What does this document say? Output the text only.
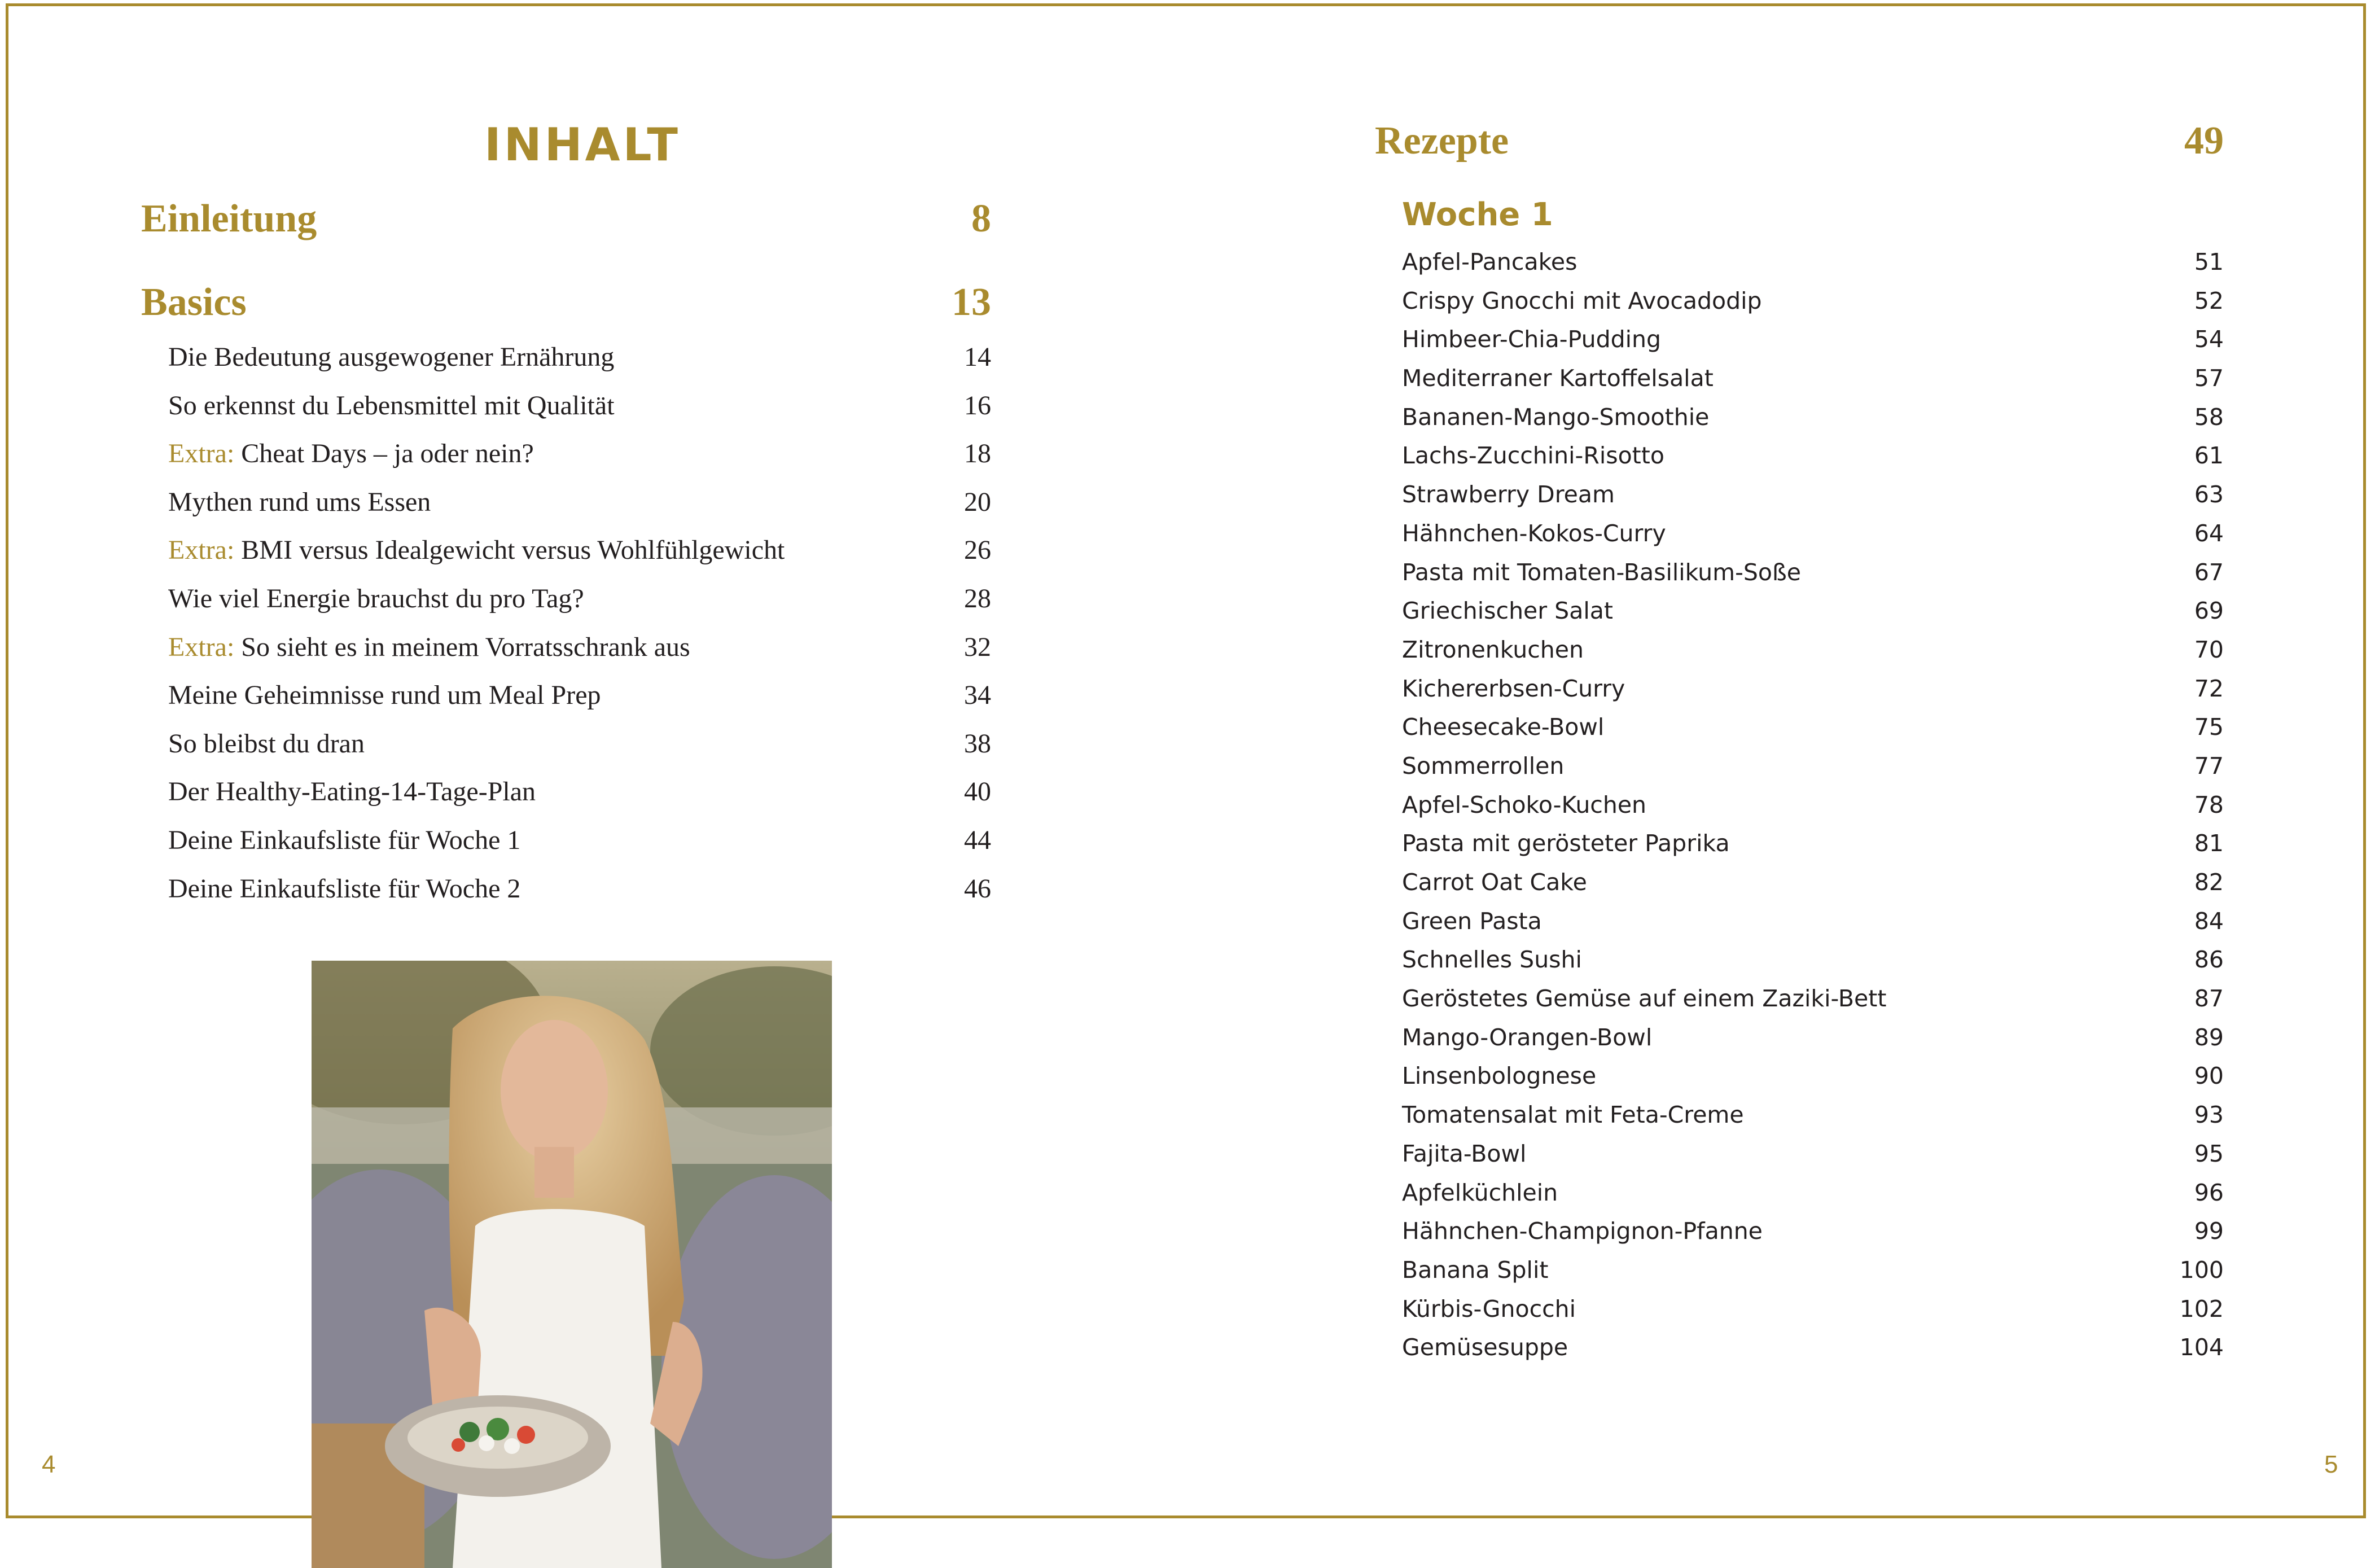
INHALT
Einleitung	8
Basics	13
Die Bedeutung ausgewogener Ernährung	14
So erkennst du Lebensmittel mit Qualität	16
Extra: Cheat Days – ja oder nein?	18
Mythen rund ums Essen	20
Extra: BMI versus Idealgewicht versus Wohlfühlgewicht	26
Wie viel Energie brauchst du pro Tag?	28
Extra: So sieht es in meinem Vorratsschrank aus	32
Meine Geheimnisse rund um Meal Prep	34
So bleibst du dran	38
Der Healthy-Eating-14-Tage-Plan	40
Deine Einkaufsliste für Woche 1	44
Deine Einkaufsliste für Woche 2	46
4
Rezepte	49
Woche 1
Apfel-Pancakes	51
Crispy Gnocchi mit Avocadodip	52
Himbeer-Chia-Pudding	54
Mediterraner Kartoffelsalat	57
Bananen-Mango-Smoothie	58
Lachs-Zucchini-Risotto	61
Strawberry Dream	63
Hähnchen-Kokos-Curry	64
Pasta mit Tomaten-Basilikum-Soße	67
Griechischer Salat	69
Zitronenkuchen	70
Kichererbsen-Curry	72
Cheesecake-Bowl	75
Sommerrollen	77
Apfel-Schoko-Kuchen	78
Pasta mit gerösteter Paprika	81
Carrot Oat Cake	82
Green Pasta	84
Schnelles Sushi	86
Geröstetes Gemüse auf einem Zaziki-Bett	87
Mango-Orangen-Bowl	89
Linsenbolognese	90
Tomatensalat mit Feta-Creme	93
Fajita-Bowl	95
Apfelküchlein	96
Hähnchen-Champignon-Pfanne	99
Banana Split	100
Kürbis-Gnocchi	102
Gemüsesuppe	104
5
